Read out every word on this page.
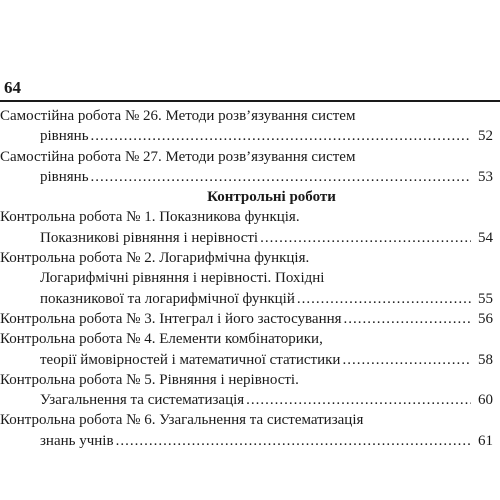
64
Самостійна робота № 26. Методи розв’язування систем
рівнянь .....	52
Самостійна робота № 27. Методи розв’язування систем
рівнянь .....	53
Контрольні роботи
Контрольна робота № 1. Показникова функція.
Показникові рівняння і нерівності .....	54
Контрольна робота № 2. Логарифмічна функція.
Логарифмічні рівняння і нерівності. Похідні
показникової та логарифмічної функцій .....	55
Контрольна робота № 3. Інтеграл і його застосування .....	56
Контрольна робота № 4. Елементи комбінаторики,
теорії ймовірностей і математичної статистики .....	58
Контрольна робота № 5. Рівняння і нерівності.
Узагальнення та систематизація .....	60
Контрольна робота № 6. Узагальнення та систематизація
знань учнів .....	61
